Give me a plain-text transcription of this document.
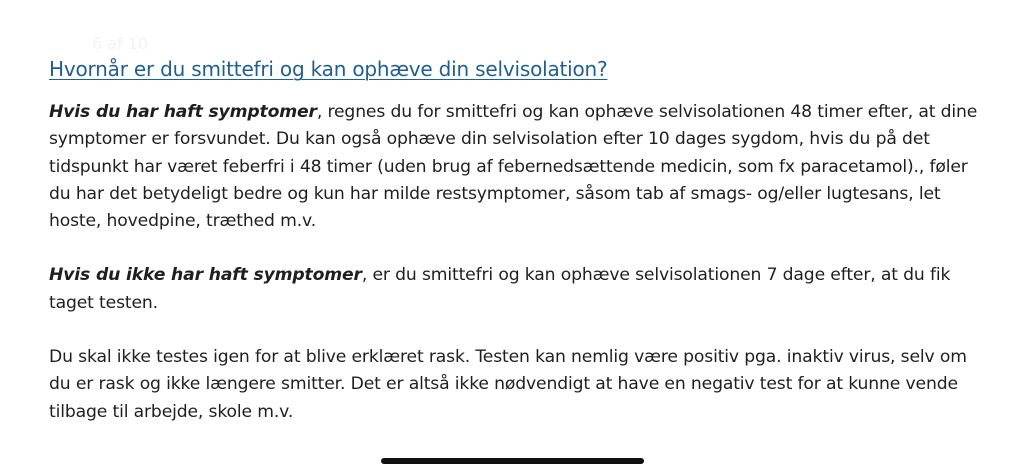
6 af 10
Hvornår er du smittefri og kan ophæve din selvisolation?

Hvis du har haft symptomer, regnes du for smittefri og kan ophæve selvisolationen 48 timer efter, at dine symptomer er forsvundet. Du kan også ophæve din selvisolation efter 10 dages sygdom, hvis du på det tidspunkt har været feberfri i 48 timer (uden brug af febernedsættende medicin, som fx paracetamol)., føler du har det betydeligt bedre og kun har milde restsymptomer, såsom tab af smags- og/eller lugtesans, let hoste, hovedpine, træthed m.v.

Hvis du ikke har haft symptomer, er du smittefri og kan ophæve selvisolationen 7 dage efter, at du fik taget testen.

Du skal ikke testes igen for at blive erklæret rask. Testen kan nemlig være positiv pga. inaktiv virus, selv om du er rask og ikke længere smitter. Det er altså ikke nødvendigt at have en negativ test for at kunne vende tilbage til arbejde, skole m.v.
